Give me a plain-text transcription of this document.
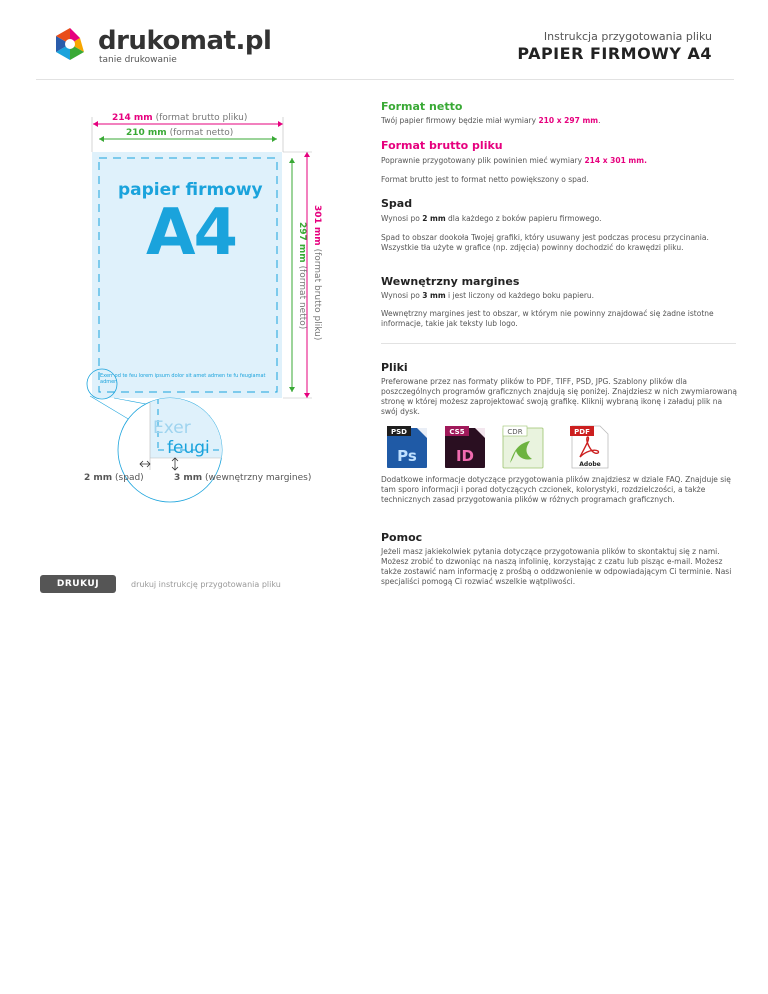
drukomat.pl
tanie drukowanie
Instrukcja przygotowania pliku
PAPIER FIRMOWY A4
214 mm (format brutto pliku)
210 mm (format netto)
papier firmowy
A4
Exerr od te feu lorem ipsum dolor sit amet admen te fu feugiamat admen
Exer
feugi
301 mm (format brutto pliku)
297 mm (format netto)
2 mm (spad)	3 mm (wewnętrzny margines)
Format netto
Twój papier firmowy będzie miał wymiary 210 x 297 mm.
Format brutto pliku
Poprawnie przygotowany plik powinien mieć wymiary 214 x 301 mm.
Format brutto jest to format netto powiększony o spad.
Spad
Wynosi po 2 mm dla każdego z boków papieru firmowego.
Spad to obszar dookoła Twojej grafiki, który usuwany jest podczas procesu przycinania. Wszystkie tła użyte w grafice (np. zdjęcia) powinny dochodzić do krawędzi pliku.
Wewnętrzny margines
Wynosi po 3 mm i jest liczony od każdego boku papieru.
Wewnętrzny margines jest to obszar, w którym nie powinny znajdować się żadne istotne informacje, takie jak teksty lub logo.
Pliki
Preferowane przez nas formaty plików to PDF, TIFF, PSD, JPG. Szablony plików dla poszczególnych programów graficznych znajdują się poniżej. Znajdziesz w nich zwymiarowaną stronę w której możesz zaprojektować swoją grafikę. Kliknij wybraną ikonę i załaduj plik na swój dysk.
PSD
Ps
CS5
ID
CDR	PDF
Adobe
Dodatkowe informacje dotyczące przygotowania plików znajdziesz w dziale FAQ. Znajduje się tam sporo informacji i porad dotyczących czcionek, kolorystyki, rozdzielczości, a także technicznych zasad przygotowania plików w różnych programach graficznych.
Pomoc
Jeżeli masz jakiekolwiek pytania dotyczące przygotowania plików to skontaktuj się z nami. Możesz zrobić to dzwoniąc na naszą infolinię, korzystając z czatu lub pisząc e-mail. Możesz także zostawić nam informację z prośbą o oddzwonienie w odpowiadającym Ci terminie. Nasi specjaliści pomogą Ci rozwiać wszelkie wątpliwości.
DRUKUJ	drukuj instrukcję przygotowania pliku
